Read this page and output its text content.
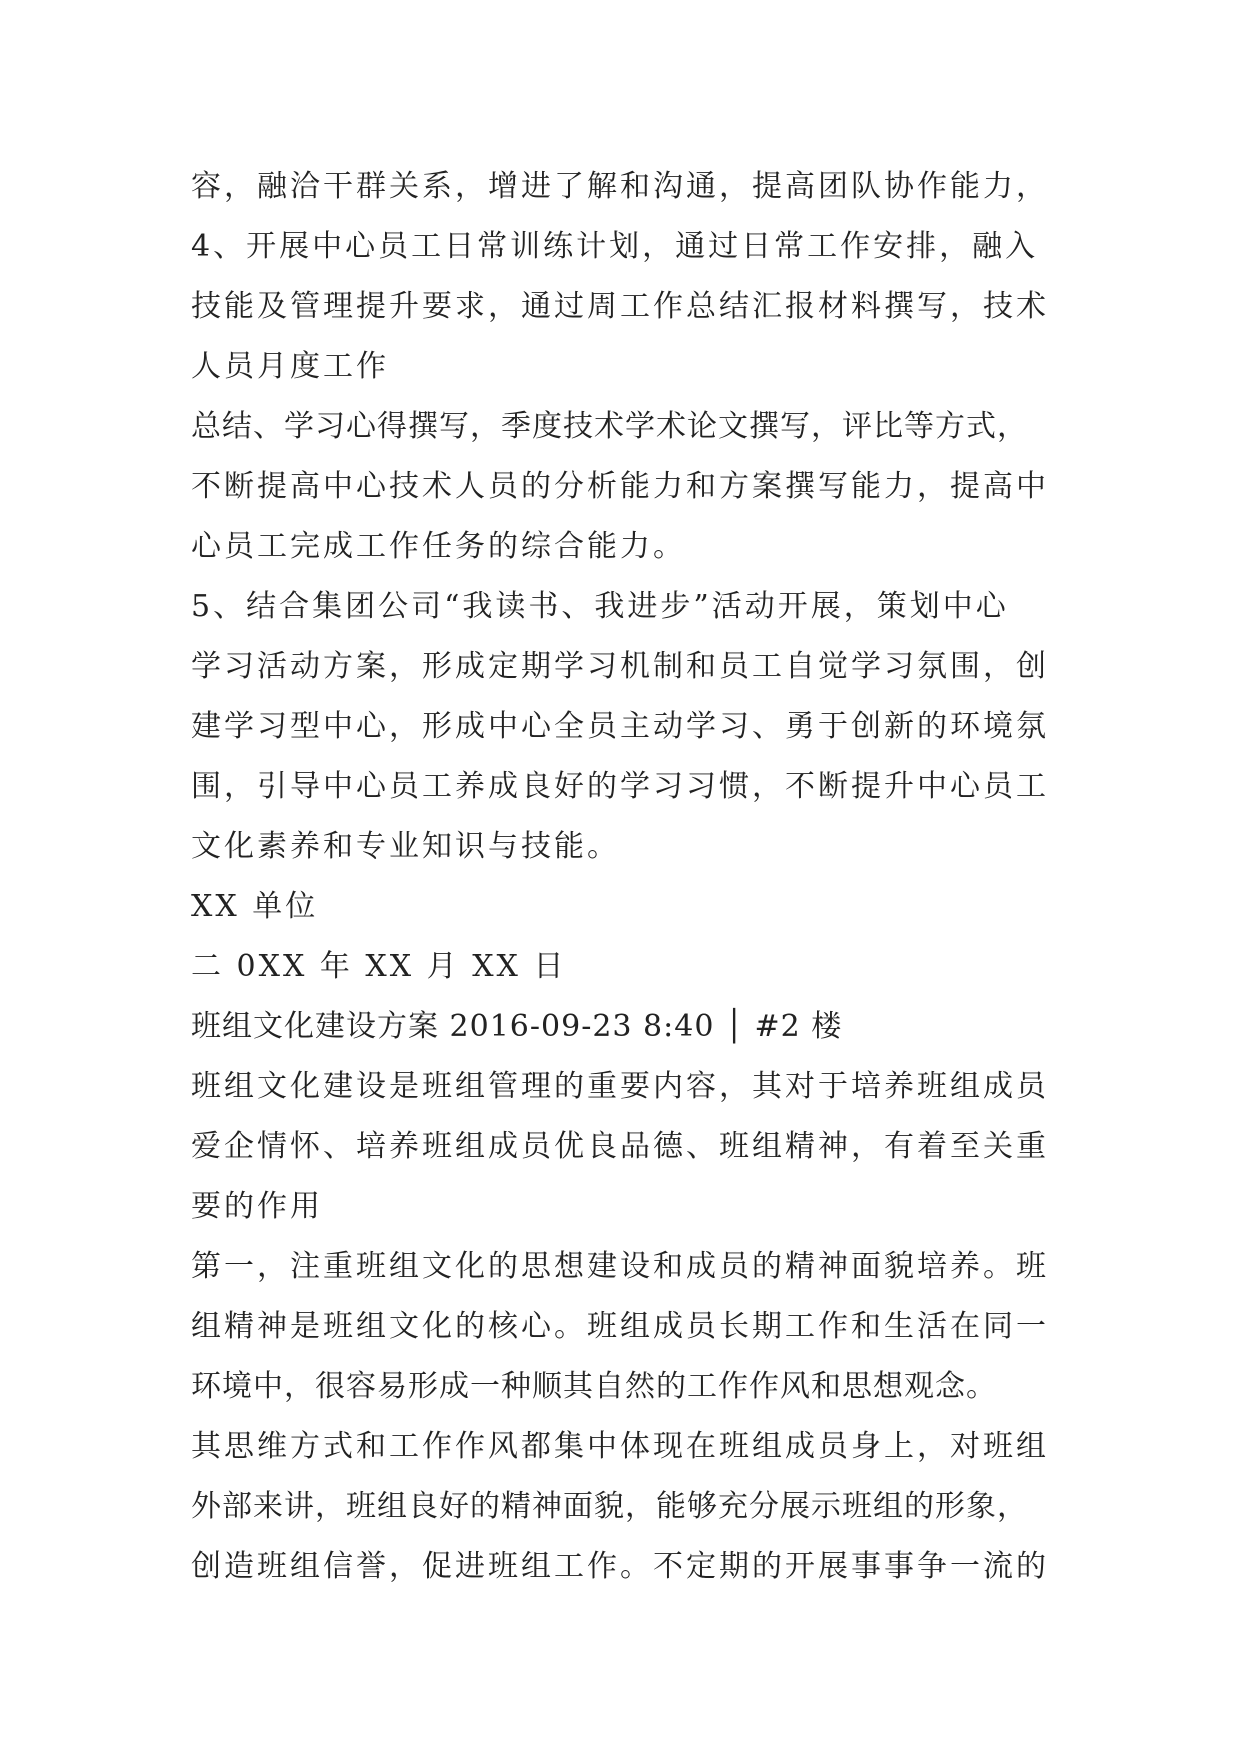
容，融洽干群关系，增进了解和沟通，提高团队协作能力，
4、开展中心员工日常训练计划，通过日常工作安排，融入
技能及管理提升要求，通过周工作总结汇报材料撰写，技术
人员月度工作
总结、学习心得撰写，季度技术学术论文撰写，评比等方式，
不断提高中心技术人员的分析能力和方案撰写能力，提高中
心员工完成工作任务的综合能力。
5、结合集团公司“我读书、我进步”活动开展，策划中心
学习活动方案，形成定期学习机制和员工自觉学习氛围，创
建学习型中心，形成中心全员主动学习、勇于创新的环境氛
围，引导中心员工养成良好的学习习惯，不断提升中心员工
文化素养和专业知识与技能。
XX 单位
二 0XX 年 XX 月 XX 日
班组文化建设方案 2016-09-23 8:40 │ #2 楼
班组文化建设是班组管理的重要内容，其对于培养班组成员
爱企情怀、培养班组成员优良品德、班组精神，有着至关重
要的作用
第一，注重班组文化的思想建设和成员的精神面貌培养。班
组精神是班组文化的核心。班组成员长期工作和生活在同一
环境中，很容易形成一种顺其自然的工作作风和思想观念。
其思维方式和工作作风都集中体现在班组成员身上，对班组
外部来讲，班组良好的精神面貌，能够充分展示班组的形象，
创造班组信誉，促进班组工作。不定期的开展事事争一流的
